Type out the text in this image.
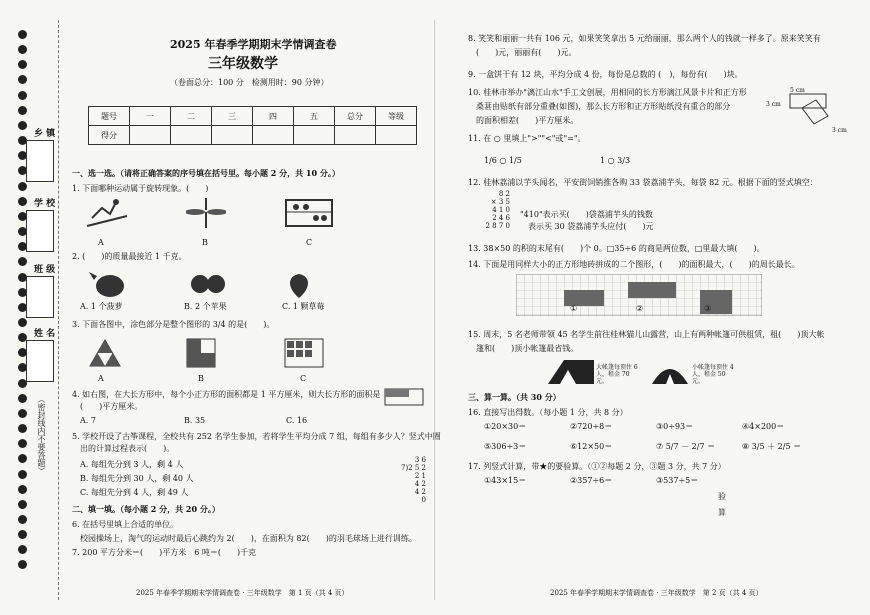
乡 镇
学 校
班 级
姓 名
（密封线内不要答题）
2025 年春季学期期末学情调查卷
三年级数学
（卷面总分：100 分　检测用时：90 分钟）
题号	一	二	三	四	五	总分	等级
得分							
一、选一选。（请将正确答案的序号填在括号里。每小题 2 分，共 10 分。）
1. 下面哪种运动属于旋转现象。(　　)
A	B	C
2. (　　)的质量最接近 1 千克。
A. 1 个菠萝	B. 2 个苹果	C. 1 颗草莓
3. 下面各图中，涂色部分是整个图形的 3/4 的是(　　)。
A	B	C
4. 如右图，在大长方形中，每个小正方形的面积都是 1 平方厘米，则大长方形的面积是
(　　)平方厘米。
A. 7	B. 35	C. 16
5. 学校开设了古筝课程，全校共有 252 名学生参加，若将学生平均分成 7 组，每组有多少人？竖式中圈
出的计算过程表示(　　)。
A. 每组先分到 3 人，剩 4 人
B. 每组先分到 30 人，剩 40 人
C. 每组先分到 4 人，剩 49 人
3 6
7)2 5 2
2 1
4 2
4 2
0
二、填一填。（每小题 2 分，共 20 分。）
6. 在括号里填上合适的单位。
校园操场上，淘气的运动时最后心跳约为 2(　　)，在面积为 82(　　)的羽毛球场上进行训练。
7. 200 平方分米＝(　　)平方米　6 吨＝(　　)千克
2025 年春季学期期末学情调查卷 · 三年级数学　第 1 页（共 4 页）
8. 笑笑和丽丽一共有 106 元，如果笑笑拿出 5 元给丽丽，那么两个人的钱就一样多了。原来笑笑有
(　　)元，丽丽有(　　)元。
9. 一盒饼干有 12 块，平均分成 4 份，每份是总数的 (　)，每份有(　　)块。
10. 桂林市举办"漓江山水"手工文创展，用相同的长方形漓江风景卡片和正方形
桑葚由贴纸有部分重叠(如图)，那么长方形和正方形贴纸没有重合的部分
的面积相差(　　)平方厘米。
5 cm
3 cm
3 cm
11. 在 ○ 里填上">""<"或"="。
1/6 ○ 1/5	1 ○ 3/3
12. 桂林荔浦以芋头闻名，平安街饲销推各购 33 袋荔浦芋头，每袋 82 元。根据下面的竖式填空：
8 2
× 3 5
4 1 0
2 4 6
2 8 7 0
"410"表示买(　　)袋荔浦芋头的钱数
表示买 30 袋荔浦芋头应付(　　)元
13. 38×50 的积的末尾有(　　)个 0。□35÷6 的商是两位数，□里最大填(　　)。
14. 下面是用同样大小的正方形地砖拼成的二个图形，(　　)的面积最大，(　　)的周长最长。
①	②	③
15. 周末，5 名老师带领 45 名学生前往桂林猫儿山露营，山上有两种帐篷可供租赁，租(　　)顶大帐
篷和(　　)顶小帐篷最省钱。
大帐篷每顶住 6 人，租金 70 元。
小帐篷每顶住 4 人，租金 50 元。
三、算一算。（共 30 分）
16. 直接写出得数。（每小题 1 分，共 8 分）
①20×30＝	②720÷8＝	③0÷93＝	④4×200＝
⑤306÷3＝	⑥12×50＝	⑦ 5/7 － 2/7 ＝	⑧ 3/5 ＋ 2/5 ＝
17. 列竖式计算，带★的要验算。（①②每题 2 分，③题 3 分，共 7 分）
①43×15＝	②357÷6＝	③537÷5＝
验
算
2025 年春季学期期末学情调查卷 · 三年级数学　第 2 页（共 4 页）
